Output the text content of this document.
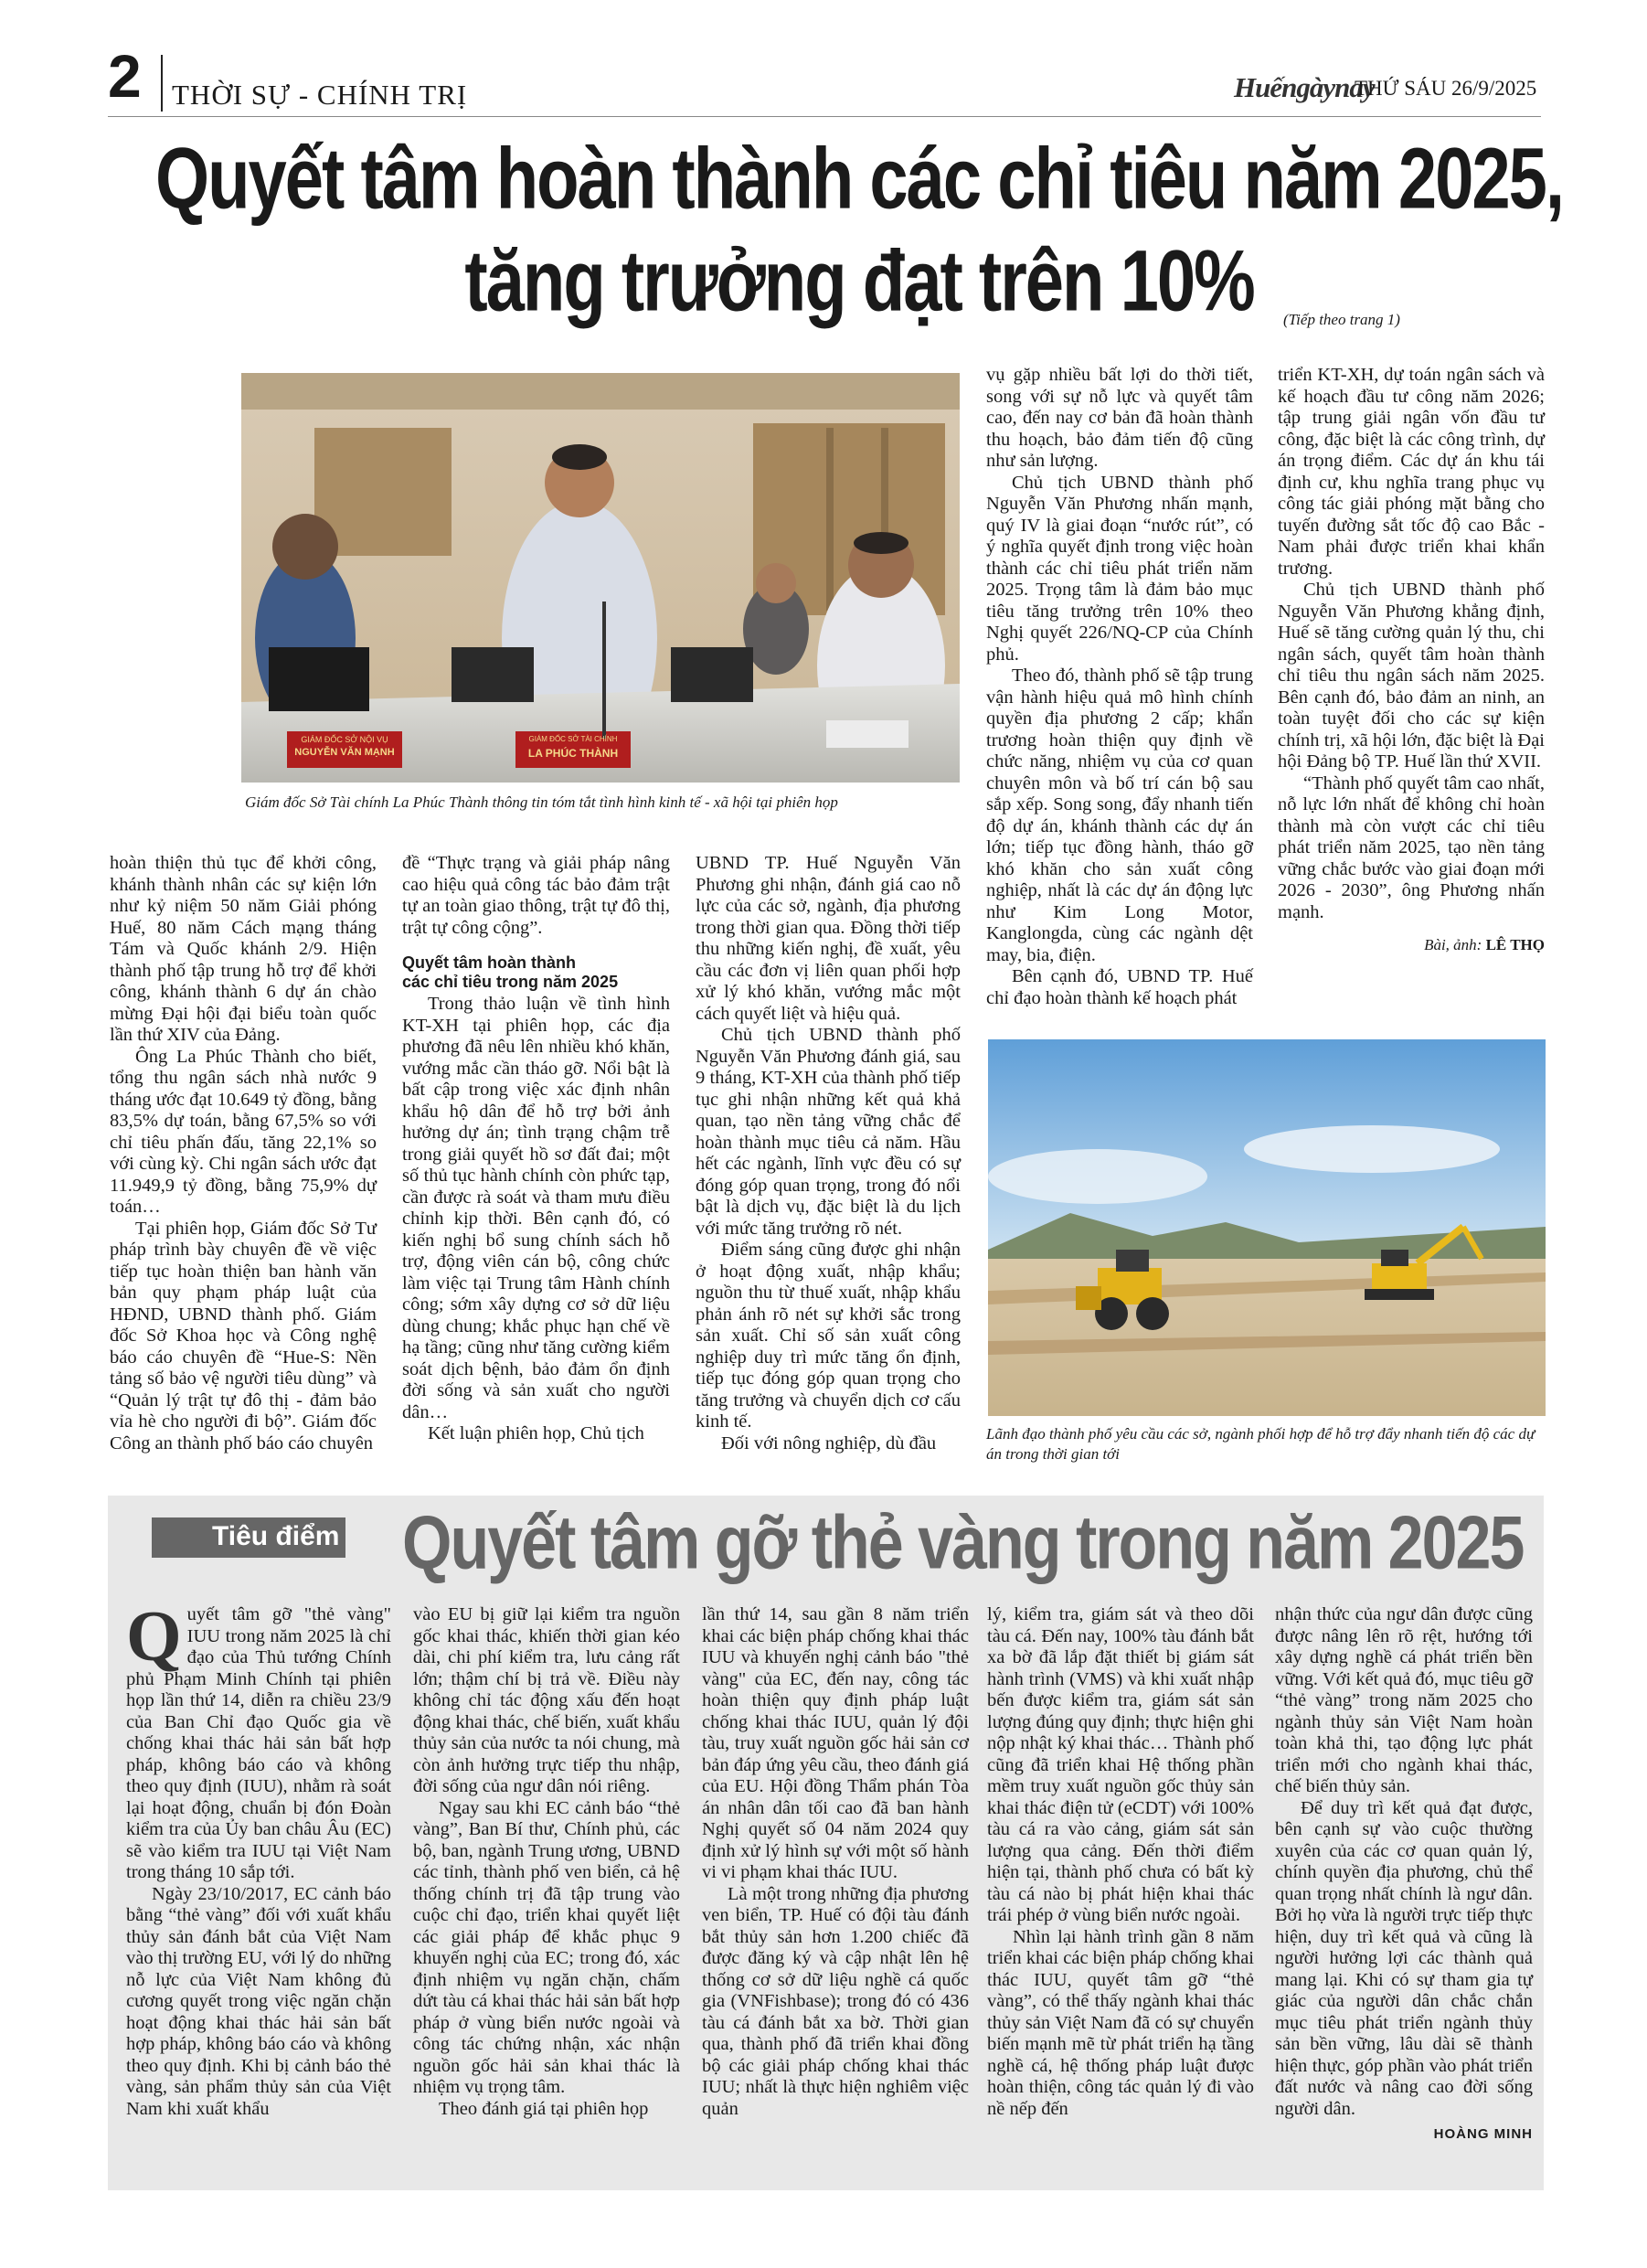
2 THỜI SỰ - CHÍNH TRỊ	Huếngàynay
THỨ SÁU 26/9/2025
Quyết tâm hoàn thành các chỉ tiêu năm 2025,
tăng trưởng đạt trên 10%	(Tiếp theo trang 1)
GIÁM ĐỐC SỞ NỘI VỤ
NGUYỄN VĂN MẠNH
GIÁM ĐỐC SỞ TÀI CHÍNH
LA PHÚC THÀNH
Giám đốc Sở Tài chính La Phúc Thành thông tin tóm tắt tình hình kinh tế - xã hội tại phiên họp

hoàn thiện thủ tục để khởi công, khánh thành nhân các sự kiện lớn như kỷ niệm 50 năm Giải phóng Huế, 80 năm Cách mạng tháng Tám và Quốc khánh 2/9. Hiện thành phố tập trung hỗ trợ để khởi công, khánh thành 6 dự án chào mừng Đại hội đại biểu toàn quốc lần thứ XIV của Đảng.

Ông La Phúc Thành cho biết, tổng thu ngân sách nhà nước 9 tháng ước đạt 10.649 tỷ đồng, bằng 83,5% dự toán, bằng 67,5% so với chỉ tiêu phấn đấu, tăng 22,1% so với cùng kỳ. Chi ngân sách ước đạt 11.949,9 tỷ đồng, bằng 75,9% dự toán…

Tại phiên họp, Giám đốc Sở Tư pháp trình bày chuyên đề về việc tiếp tục hoàn thiện ban hành văn bản quy phạm pháp luật của HĐND, UBND thành phố. Giám đốc Sở Khoa học và Công nghệ báo cáo chuyên đề “Hue-S: Nền tảng số bảo vệ người tiêu dùng” và “Quản lý trật tự đô thị - đảm bảo vỉa hè cho người đi bộ”. Giám đốc Công an thành phố báo cáo chuyên

đề “Thực trạng và giải pháp nâng cao hiệu quả công tác bảo đảm trật tự an toàn giao thông, trật tự đô thị, trật tự công cộng”.

Quyết tâm hoàn thành
các chỉ tiêu trong năm 2025

Trong thảo luận về tình hình KT-XH tại phiên họp, các địa phương đã nêu lên nhiều khó khăn, vướng mắc cần tháo gỡ. Nổi bật là bất cập trong việc xác định nhân khẩu hộ dân để hỗ trợ bởi ảnh hưởng dự án; tình trạng chậm trễ trong giải quyết hồ sơ đất đai; một số thủ tục hành chính còn phức tạp, cần được rà soát và tham mưu điều chỉnh kịp thời. Bên cạnh đó, có kiến nghị bổ sung chính sách hỗ trợ, động viên cán bộ, công chức làm việc tại Trung tâm Hành chính công; sớm xây dựng cơ sở dữ liệu dùng chung; khắc phục hạn chế về hạ tầng; cũng như tăng cường kiểm soát dịch bệnh, bảo đảm ổn định đời sống và sản xuất cho người dân…

Kết luận phiên họp, Chủ tịch

UBND TP. Huế Nguyễn Văn Phương ghi nhận, đánh giá cao nỗ lực của các sở, ngành, địa phương trong thời gian qua. Đồng thời tiếp thu những kiến nghị, đề xuất, yêu cầu các đơn vị liên quan phối hợp xử lý khó khăn, vướng mắc một cách quyết liệt và hiệu quả.

Chủ tịch UBND thành phố Nguyễn Văn Phương đánh giá, sau 9 tháng, KT-XH của thành phố tiếp tục ghi nhận những kết quả khả quan, tạo nền tảng vững chắc để hoàn thành mục tiêu cả năm. Hầu hết các ngành, lĩnh vực đều có sự đóng góp quan trọng, trong đó nổi bật là dịch vụ, đặc biệt là du lịch với mức tăng trưởng rõ nét.

Điểm sáng cũng được ghi nhận ở hoạt động xuất, nhập khẩu; nguồn thu từ thuế xuất, nhập khẩu phản ánh rõ nét sự khởi sắc trong sản xuất. Chỉ số sản xuất công nghiệp duy trì mức tăng ổn định, tiếp tục đóng góp quan trọng cho tăng trưởng và chuyển dịch cơ cấu kinh tế.

Đối với nông nghiệp, dù đầu

vụ gặp nhiều bất lợi do thời tiết, song với sự nỗ lực và quyết tâm cao, đến nay cơ bản đã hoàn thành thu hoạch, bảo đảm tiến độ cũng như sản lượng.

Chủ tịch UBND thành phố Nguyễn Văn Phương nhấn mạnh, quý IV là giai đoạn “nước rút”, có ý nghĩa quyết định trong việc hoàn thành các chỉ tiêu phát triển năm 2025. Trọng tâm là đảm bảo mục tiêu tăng trưởng trên 10% theo Nghị quyết 226/NQ-CP của Chính phủ.

Theo đó, thành phố sẽ tập trung vận hành hiệu quả mô hình chính quyền địa phương 2 cấp; khẩn trương hoàn thiện quy định về chức năng, nhiệm vụ của cơ quan chuyên môn và bố trí cán bộ sau sắp xếp. Song song, đẩy nhanh tiến độ dự án, khánh thành các dự án lớn; tiếp tục đồng hành, tháo gỡ khó khăn cho sản xuất công nghiệp, nhất là các dự án động lực như Kim Long Motor, Kanglongda, cùng các ngành dệt may, bia, điện.

Bên cạnh đó, UBND TP. Huế chỉ đạo hoàn thành kế hoạch phát

triển KT-XH, dự toán ngân sách và kế hoạch đầu tư công năm 2026; tập trung giải ngân vốn đầu tư công, đặc biệt là các công trình, dự án trọng điểm. Các dự án khu tái định cư, khu nghĩa trang phục vụ công tác giải phóng mặt bằng cho tuyến đường sắt tốc độ cao Bắc - Nam phải được triển khai khẩn trương.

Chủ tịch UBND thành phố Nguyễn Văn Phương khẳng định, Huế sẽ tăng cường quản lý thu, chi ngân sách, quyết tâm hoàn thành chỉ tiêu thu ngân sách năm 2025. Bên cạnh đó, bảo đảm an ninh, an toàn tuyệt đối cho các sự kiện chính trị, xã hội lớn, đặc biệt là Đại hội Đảng bộ TP. Huế lần thứ XVII.

“Thành phố quyết tâm cao nhất, nỗ lực lớn nhất để không chỉ hoàn thành mà còn vượt các chỉ tiêu phát triển năm 2025, tạo nền tảng vững chắc bước vào giai đoạn mới 2026 - 2030”, ông Phương nhấn mạnh.

Bài, ảnh: LÊ THỌ
Lãnh đạo thành phố yêu cầu các sở, ngành phối hợp để hỗ trợ đẩy nhanh tiến độ các dự án trong thời gian tới
Tiêu điểm Quyết tâm gỡ thẻ vàng trong năm 2025

Quyết tâm gỡ "thẻ vàng" IUU trong năm 2025 là chỉ đạo của Thủ tướng Chính phủ Phạm Minh Chính tại phiên họp lần thứ 14, diễn ra chiều 23/9 của Ban Chỉ đạo Quốc gia về chống khai thác hải sản bất hợp pháp, không báo cáo và không theo quy định (IUU), nhằm rà soát lại hoạt động, chuẩn bị đón Đoàn kiểm tra của Ủy ban châu Âu (EC) sẽ vào kiểm tra IUU tại Việt Nam trong tháng 10 sắp tới.

Ngày 23/10/2017, EC cảnh báo bằng “thẻ vàng” đối với xuất khẩu thủy sản đánh bắt của Việt Nam vào thị trường EU, với lý do những nỗ lực của Việt Nam không đủ cương quyết trong việc ngăn chặn hoạt động khai thác hải sản bất hợp pháp, không báo cáo và không theo quy định. Khi bị cảnh báo thẻ vàng, sản phẩm thủy sản của Việt Nam khi xuất khẩu

vào EU bị giữ lại kiểm tra nguồn gốc khai thác, khiến thời gian kéo dài, chi phí kiểm tra, lưu cảng rất lớn; thậm chí bị trả về. Điều này không chỉ tác động xấu đến hoạt động khai thác, chế biến, xuất khẩu thủy sản của nước ta nói chung, mà còn ảnh hưởng trực tiếp thu nhập, đời sống của ngư dân nói riêng.

Ngay sau khi EC cảnh báo “thẻ vàng”, Ban Bí thư, Chính phủ, các bộ, ban, ngành Trung ương, UBND các tỉnh, thành phố ven biển, cả hệ thống chính trị đã tập trung vào cuộc chỉ đạo, triển khai quyết liệt các giải pháp để khắc phục 9 khuyến nghị của EC; trong đó, xác định nhiệm vụ ngăn chặn, chấm dứt tàu cá khai thác hải sản bất hợp pháp ở vùng biển nước ngoài và công tác chứng nhận, xác nhận nguồn gốc hải sản khai thác là nhiệm vụ trọng tâm.

Theo đánh giá tại phiên họp

lần thứ 14, sau gần 8 năm triển khai các biện pháp chống khai thác IUU và khuyến nghị cảnh báo "thẻ vàng" của EC, đến nay, công tác hoàn thiện quy định pháp luật chống khai thác IUU, quản lý đội tàu, truy xuất nguồn gốc hải sản cơ bản đáp ứng yêu cầu, theo đánh giá của EU. Hội đồng Thẩm phán Tòa án nhân dân tối cao đã ban hành Nghị quyết số 04 năm 2024 quy định xử lý hình sự với một số hành vi vi phạm khai thác IUU.

Là một trong những địa phương ven biển, TP. Huế có đội tàu đánh bắt thủy sản hơn 1.200 chiếc đã được đăng ký và cập nhật lên hệ thống cơ sở dữ liệu nghề cá quốc gia (VNFishbase); trong đó có 436 tàu cá đánh bắt xa bờ. Thời gian qua, thành phố đã triển khai đồng bộ các giải pháp chống khai thác IUU; nhất là thực hiện nghiêm việc quản

lý, kiểm tra, giám sát và theo dõi tàu cá. Đến nay, 100% tàu đánh bắt xa bờ đã lắp đặt thiết bị giám sát hành trình (VMS) và khi xuất nhập bến được kiểm tra, giám sát sản lượng đúng quy định; thực hiện ghi nộp nhật ký khai thác… Thành phố cũng đã triển khai Hệ thống phần mềm truy xuất nguồn gốc thủy sản khai thác điện tử (eCDT) với 100% tàu cá ra vào cảng, giám sát sản lượng qua cảng. Đến thời điểm hiện tại, thành phố chưa có bất kỳ tàu cá nào bị phát hiện khai thác trái phép ở vùng biển nước ngoài.

Nhìn lại hành trình gần 8 năm triển khai các biện pháp chống khai thác IUU, quyết tâm gỡ “thẻ vàng”, có thể thấy ngành khai thác thủy sản Việt Nam đã có sự chuyển biến mạnh mẽ từ phát triển hạ tầng nghề cá, hệ thống pháp luật được hoàn thiện, công tác quản lý đi vào nề nếp đến

nhận thức của ngư dân được cũng được nâng lên rõ rệt, hướng tới xây dựng nghề cá phát triển bền vững. Với kết quả đó, mục tiêu gỡ “thẻ vàng” trong năm 2025 cho ngành thủy sản Việt Nam hoàn toàn khả thi, tạo động lực phát triển mới cho ngành khai thác, chế biến thủy sản.

Để duy trì kết quả đạt được, bên cạnh sự vào cuộc thường xuyên của các cơ quan quản lý, chính quyền địa phương, chủ thể quan trọng nhất chính là ngư dân. Bởi họ vừa là người trực tiếp thực hiện, duy trì kết quả và cũng là người hưởng lợi các thành quả mang lại. Khi có sự tham gia tự giác của người dân chắc chắn mục tiêu phát triển ngành thủy sản bền vững, lâu dài sẽ thành hiện thực, góp phần vào phát triển đất nước và nâng cao đời sống người dân.

HOÀNG MINH
